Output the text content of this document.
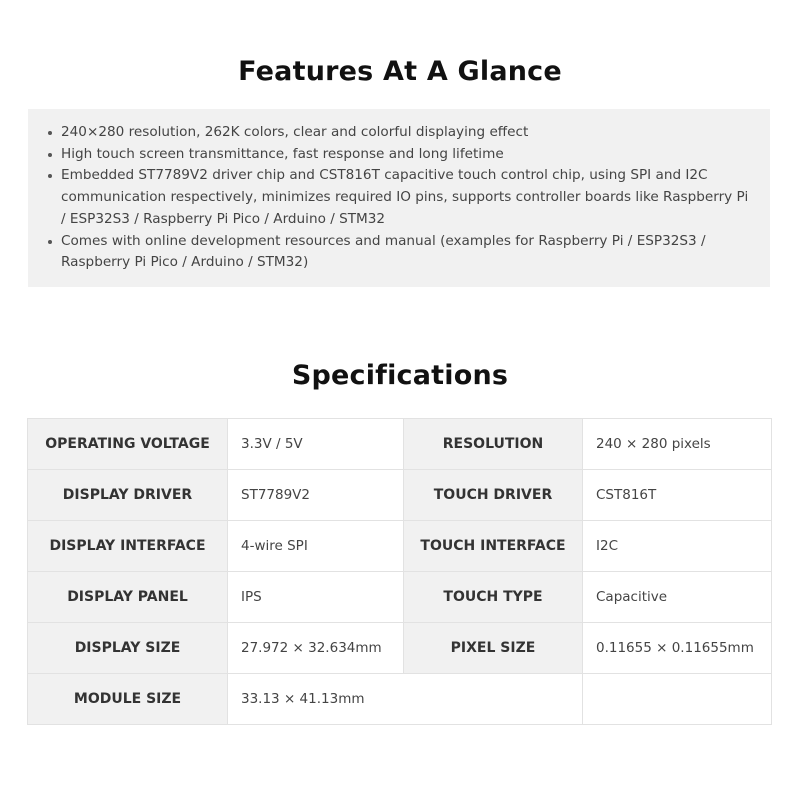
Features At A Glance
240×280 resolution, 262K colors, clear and colorful displaying effect
High touch screen transmittance, fast response and long lifetime
Embedded ST7789V2 driver chip and CST816T capacitive touch control chip, using SPI and I2C communication respectively, minimizes required IO pins, supports controller boards like Raspberry Pi / ESP32S3 / Raspberry Pi Pico / Arduino / STM32
Comes with online development resources and manual (examples for Raspberry Pi / ESP32S3 / Raspberry Pi Pico / Arduino / STM32)
Specifications
OPERATING VOLTAGE	3.3V / 5V	RESOLUTION	240 × 280 pixels
DISPLAY DRIVER	ST7789V2	TOUCH DRIVER	CST816T
DISPLAY INTERFACE	4-wire SPI	TOUCH INTERFACE	I2C
DISPLAY PANEL	IPS	TOUCH TYPE	Capacitive
DISPLAY SIZE	27.972 × 32.634mm	PIXEL SIZE	0.11655 × 0.11655mm
MODULE SIZE	33.13 × 41.13mm		
